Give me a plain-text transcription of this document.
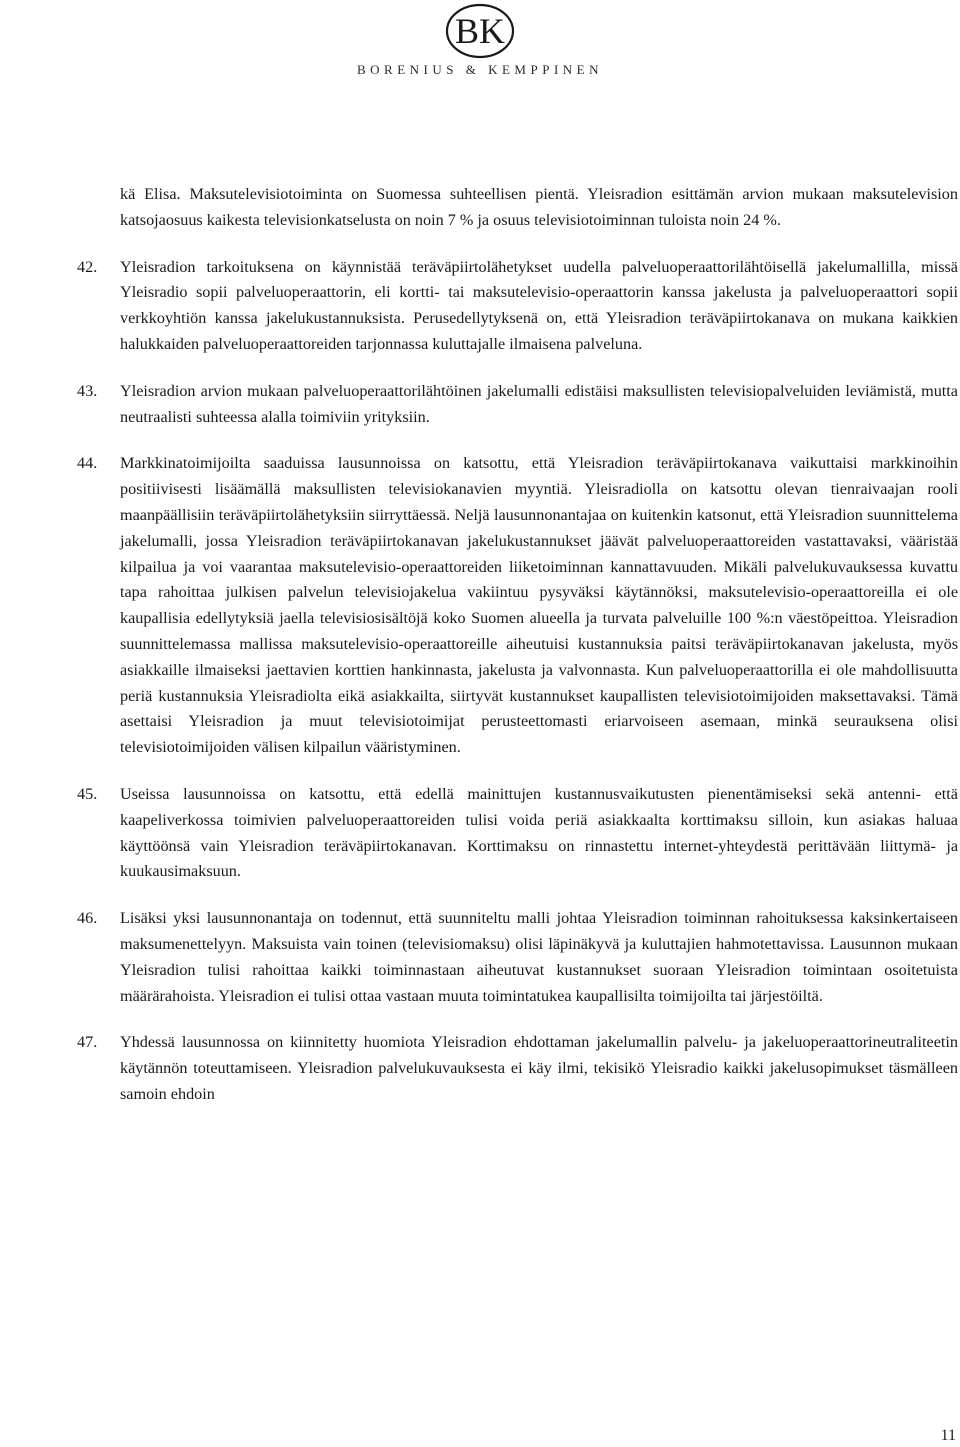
BK
BORENIUS & KEMPPINEN

kä Elisa. Maksutelevisiotoiminta on Suomessa suhteellisen pientä. Yleisradion esittämän arvion mukaan maksutelevision katsojaosuus kaikesta televisionkatselusta on noin 7 % ja osuus televisiotoiminnan tuloista noin 24 %.

42. Yleisradion tarkoituksena on käynnistää teräväpiirtolähetykset uudella palveluoperaattorilähtöisellä jakelumallilla, missä Yleisradio sopii palveluoperaattorin, eli kortti- tai maksutelevisio-operaattorin kanssa jakelusta ja palveluoperaattori sopii verkkoyhtiön kanssa jakelukustannuksista. Perusedellytyksenä on, että Yleisradion teräväpiirtokanava on mukana kaikkien halukkaiden palveluoperaattoreiden tarjonnassa kuluttajalle ilmaisena palveluna.

43. Yleisradion arvion mukaan palveluoperaattorilähtöinen jakelumalli edistäisi maksullisten televisiopalveluiden leviämistä, mutta neutraalisti suhteessa alalla toimiviin yrityksiin.

44. Markkinatoimijoilta saaduissa lausunnoissa on katsottu, että Yleisradion teräväpiirtokanava vaikuttaisi markkinoihin positiivisesti lisäämällä maksullisten televisiokanavien myyntiä. Yleisradiolla on katsottu olevan tienraivaajan rooli maanpäällisiin teräväpiirtolähetyksiin siirryttäessä. Neljä lausunnonantajaa on kuitenkin katsonut, että Yleisradion suunnittelema jakelumalli, jossa Yleisradion teräväpiirtokanavan jakelukustannukset jäävät palveluoperaattoreiden vastattavaksi, vääristää kilpailua ja voi vaarantaa maksutelevisio-operaattoreiden liiketoiminnan kannattavuuden. Mikäli palvelukuvauksessa kuvattu tapa rahoittaa julkisen palvelun televisiojakelua vakiintuu pysyväksi käytännöksi, maksutelevisio-operaattoreilla ei ole kaupallisia edellytyksiä jaella televisiosisältöjä koko Suomen alueella ja turvata palveluille 100 %:n väestöpeittoa. Yleisradion suunnittelemassa mallissa maksutelevisio-operaattoreille aiheutuisi kustannuksia paitsi teräväpiirtokanavan jakelusta, myös asiakkaille ilmaiseksi jaettavien korttien hankinnasta, jakelusta ja valvonnasta. Kun palveluoperaattorilla ei ole mahdollisuutta periä kustannuksia Yleisradiolta eikä asiakkailta, siirtyvät kustannukset kaupallisten televisiotoimijoiden maksettavaksi. Tämä asettaisi Yleisradion ja muut televisiotoimijat perusteettomasti eriarvoiseen asemaan, minkä seurauksena olisi televisiotoimijoiden välisen kilpailun vääristyminen.

45. Useissa lausunnoissa on katsottu, että edellä mainittujen kustannusvaikutusten pienentämiseksi sekä antenni- että kaapeliverkossa toimivien palveluoperaattoreiden tulisi voida periä asiakkaalta korttimaksu silloin, kun asiakas haluaa käyttöönsä vain Yleisradion teräväpiirtokanavan. Korttimaksu on rinnastettu internet-yhteydestä perittävään liittymä- ja kuukausimaksuun.

46. Lisäksi yksi lausunnonantaja on todennut, että suunniteltu malli johtaa Yleisradion toiminnan rahoituksessa kaksinkertaiseen maksumenettelyyn. Maksuista vain toinen (televisiomaksu) olisi läpinäkyvä ja kuluttajien hahmotettavissa. Lausunnon mukaan Yleisradion tulisi rahoittaa kaikki toiminnastaan aiheutuvat kustannukset suoraan Yleisradion toimintaan osoitetuista määrärahoista. Yleisradion ei tulisi ottaa vastaan muuta toimintatukea kaupallisilta toimijoilta tai järjestöiltä.

47. Yhdessä lausunnossa on kiinnitetty huomiota Yleisradion ehdottaman jakelumallin palvelu- ja jakeluoperaattorineutraliteetin käytännön toteuttamiseen. Yleisradion palvelukuvauksesta ei käy ilmi, tekisikö Yleisradio kaikki jakelusopimukset täsmälleen samoin ehdoin

11
